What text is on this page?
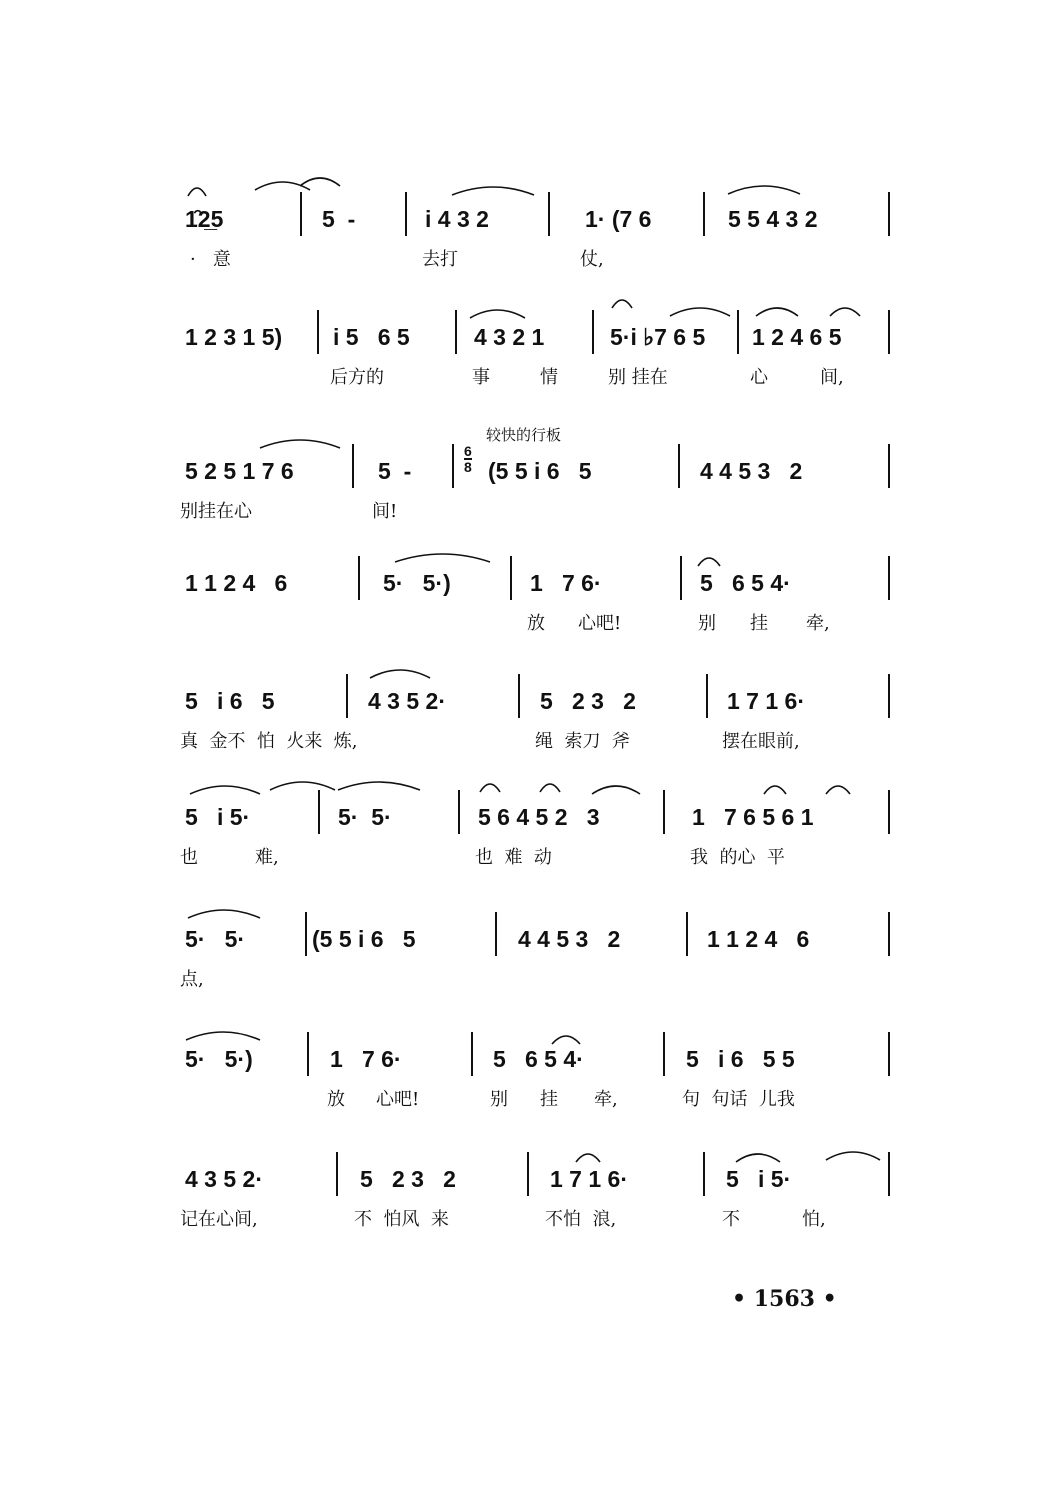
1̑2̲5	5  -	i 4 3 2	1· (7 6	5 5 4 3 2
·   意	去打	仗,
1 2 3 1 5) i 5   6 5	4 3 2 1	5·i ♭7 6 5 1 2 4 6 5
后方的	事	情	别 挂在	心	间,
较快的行板
6
8
5 2 5 1 7 6	5  -	(5 5 i 6   5	4 4 5 3   2
别挂在心	间!
1 1 2 4   6	5·   5·)	1   7 6·	5   6 5 4·
放 心吧!	别 挂 牵,
5   i 6   5	4 3 5 2·	5   2 3   2	1 7 1 6·
真  金不  怕  火来  炼,	绳  索刀  斧	摆在眼前,
5   i 5·	5·  5·	5 6 4 5 2   3	1   7 6 5 6 1
也	难,	也  难  动	我  的心  平
5·   5·	(5 5 i 6   5	4 4 5 3   2	1 1 2 4   6
点,
5·   5·)	1   7 6·	5   6 5 4·	5   i 6   5 5
放 心吧!	别 挂 牵,	句  句话  儿我
4 3 5 2·	5   2 3   2	1 7 1 6·	5   i 5·
记在心间,	不  怕风  来	不怕  浪,	不	怕,
• 1563 •
